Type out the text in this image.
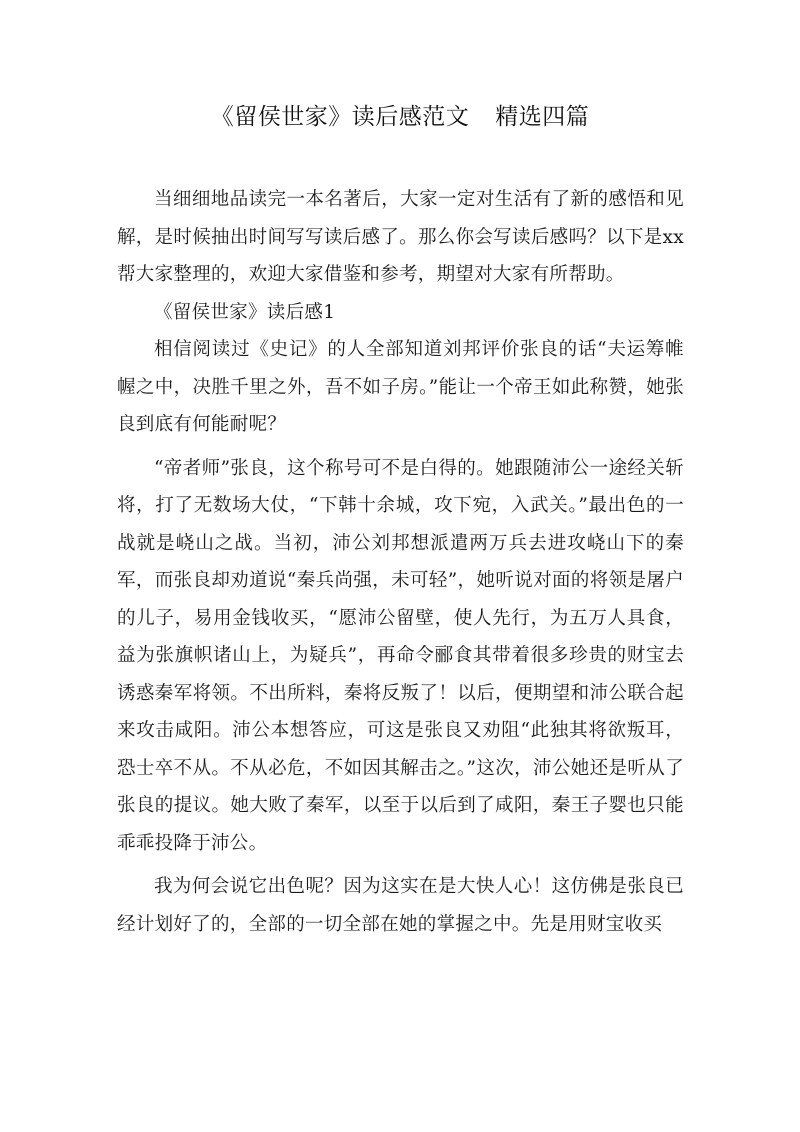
《留侯世家》读后感范文 精选四篇

当细细地品读完一本名著后，大家一定对生活有了新的感悟和见解，是时候抽出时间写写读后感了。那么你会写读后感吗？以下是xx帮大家整理的，欢迎大家借鉴和参考，期望对大家有所帮助。

《留侯世家》读后感1

相信阅读过《史记》的人全部知道刘邦评价张良的话“夫运筹帷幄之中，决胜千里之外，吾不如子房。”能让一个帝王如此称赞，她张良到底有何能耐呢？

“帝者师”张良，这个称号可不是白得的。她跟随沛公一途经关斩将，打了无数场大仗，“下韩十余城，攻下宛，入武关。”最出色的一战就是峣山之战。当初，沛公刘邦想派遣两万兵去进攻峣山下的秦军，而张良却劝道说“秦兵尚强，未可轻”，她听说对面的将领是屠户的儿子，易用金钱收买，“愿沛公留壁，使人先行，为五万人具食，益为张旗帜诸山上，为疑兵”，再命令郦食其带着很多珍贵的财宝去诱惑秦军将领。不出所料，秦将反叛了！以后，便期望和沛公联合起来攻击咸阳。沛公本想答应，可这是张良又劝阻“此独其将欲叛耳，恐士卒不从。不从必危，不如因其解击之。”这次，沛公她还是听从了张良的提议。她大败了秦军，以至于以后到了咸阳，秦王子婴也只能乖乖投降于沛公。

我为何会说它出色呢？因为这实在是大快人心！这仿佛是张良已经计划好了的，全部的一切全部在她的掌握之中。先是用财宝收买
